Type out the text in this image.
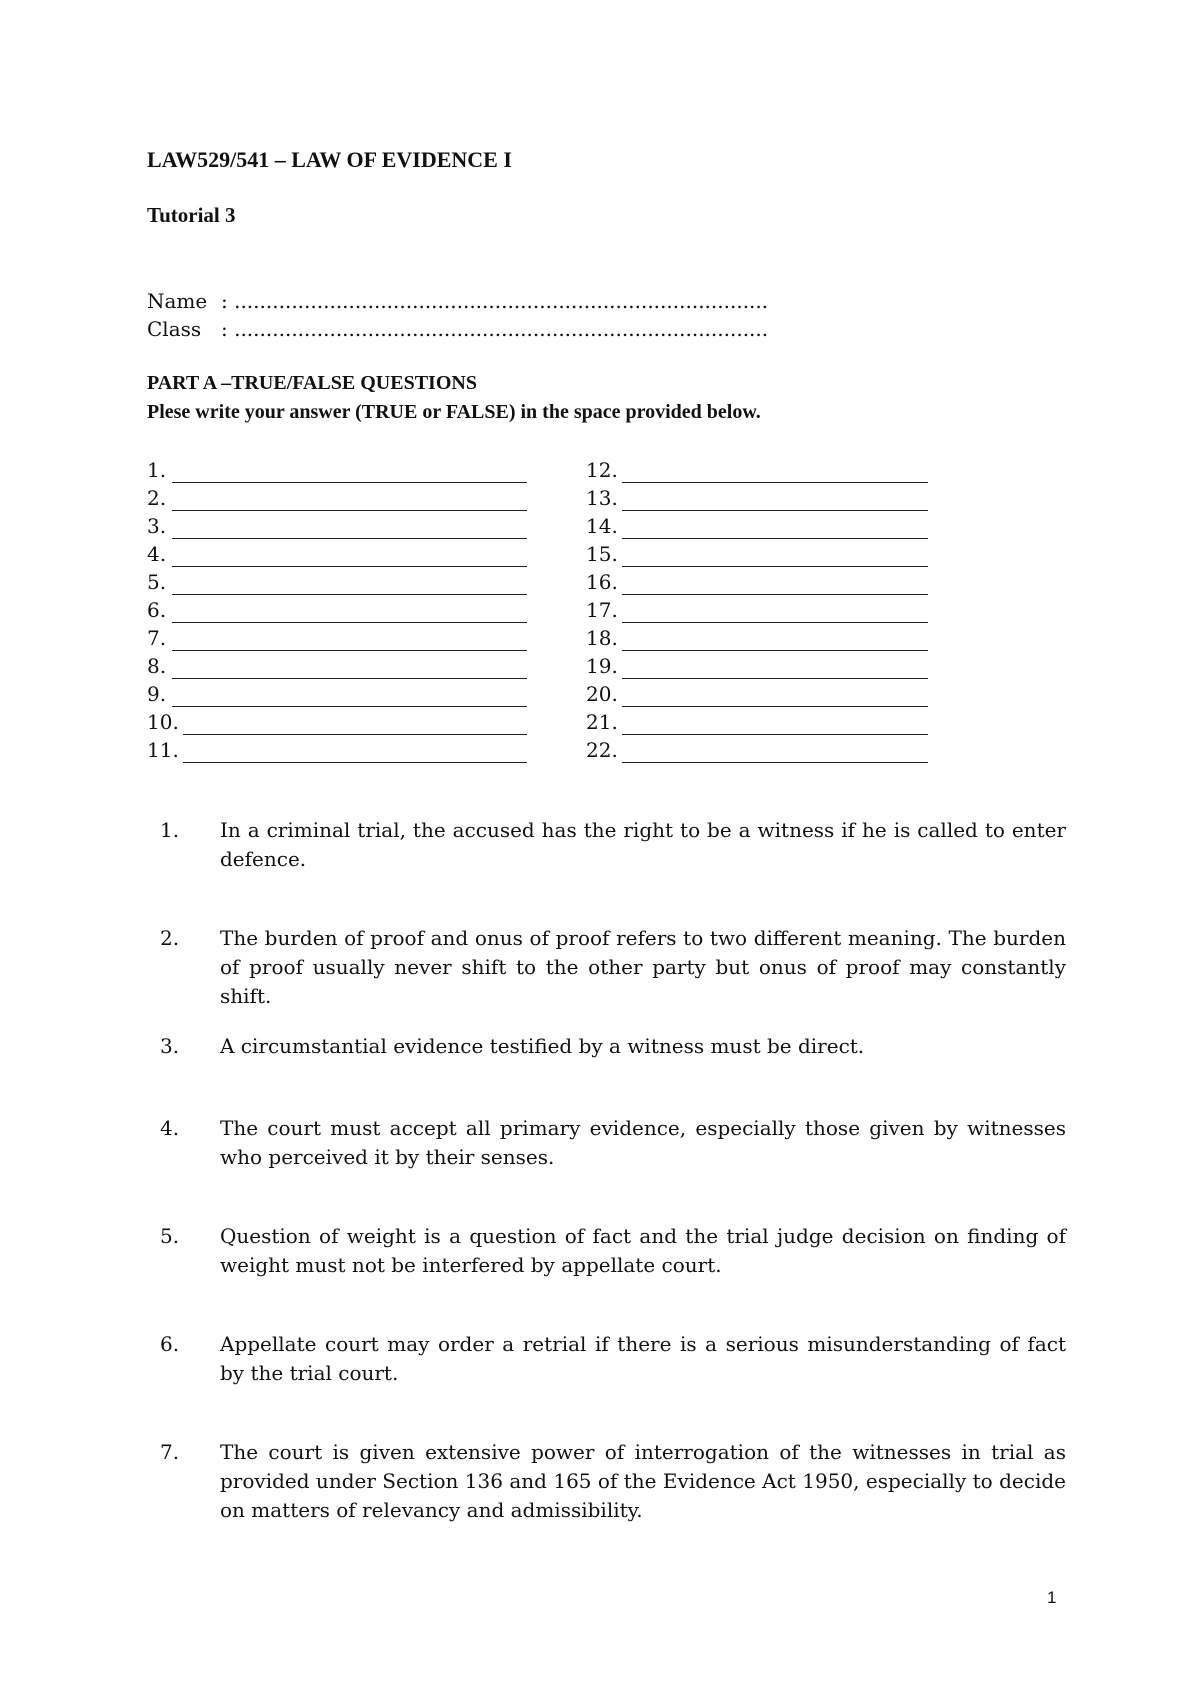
LAW529/541 – LAW OF EVIDENCE I
Tutorial 3
Name : ....................................................................................
Class : ....................................................................................
PART A –TRUE/FALSE QUESTIONS
Plese write your answer (TRUE or FALSE) in the space provided below.
1.
2.
3.
4.
5.
6.
7.
8.
9.
10.
11.
12.
13.
14.
15.
16.
17.
18.
19.
20.
21.
22.
1. In a criminal trial, the accused has the right to be a witness if he is called to enter defence.
2. The burden of proof and onus of proof refers to two different meaning. The burden of proof usually never shift to the other party but onus of proof may constantly shift.
3. A circumstantial evidence testified by a witness must be direct.
4. The court must accept all primary evidence, especially those given by witnesses who perceived it by their senses.
5. Question of weight is a question of fact and the trial judge decision on finding of weight must not be interfered by appellate court.
6. Appellate court may order a retrial if there is a serious misunderstanding of fact by the trial court.
7. The court is given extensive power of interrogation of the witnesses in trial as provided under Section 136 and 165 of the Evidence Act 1950, especially to decide on matters of relevancy and admissibility.
1
